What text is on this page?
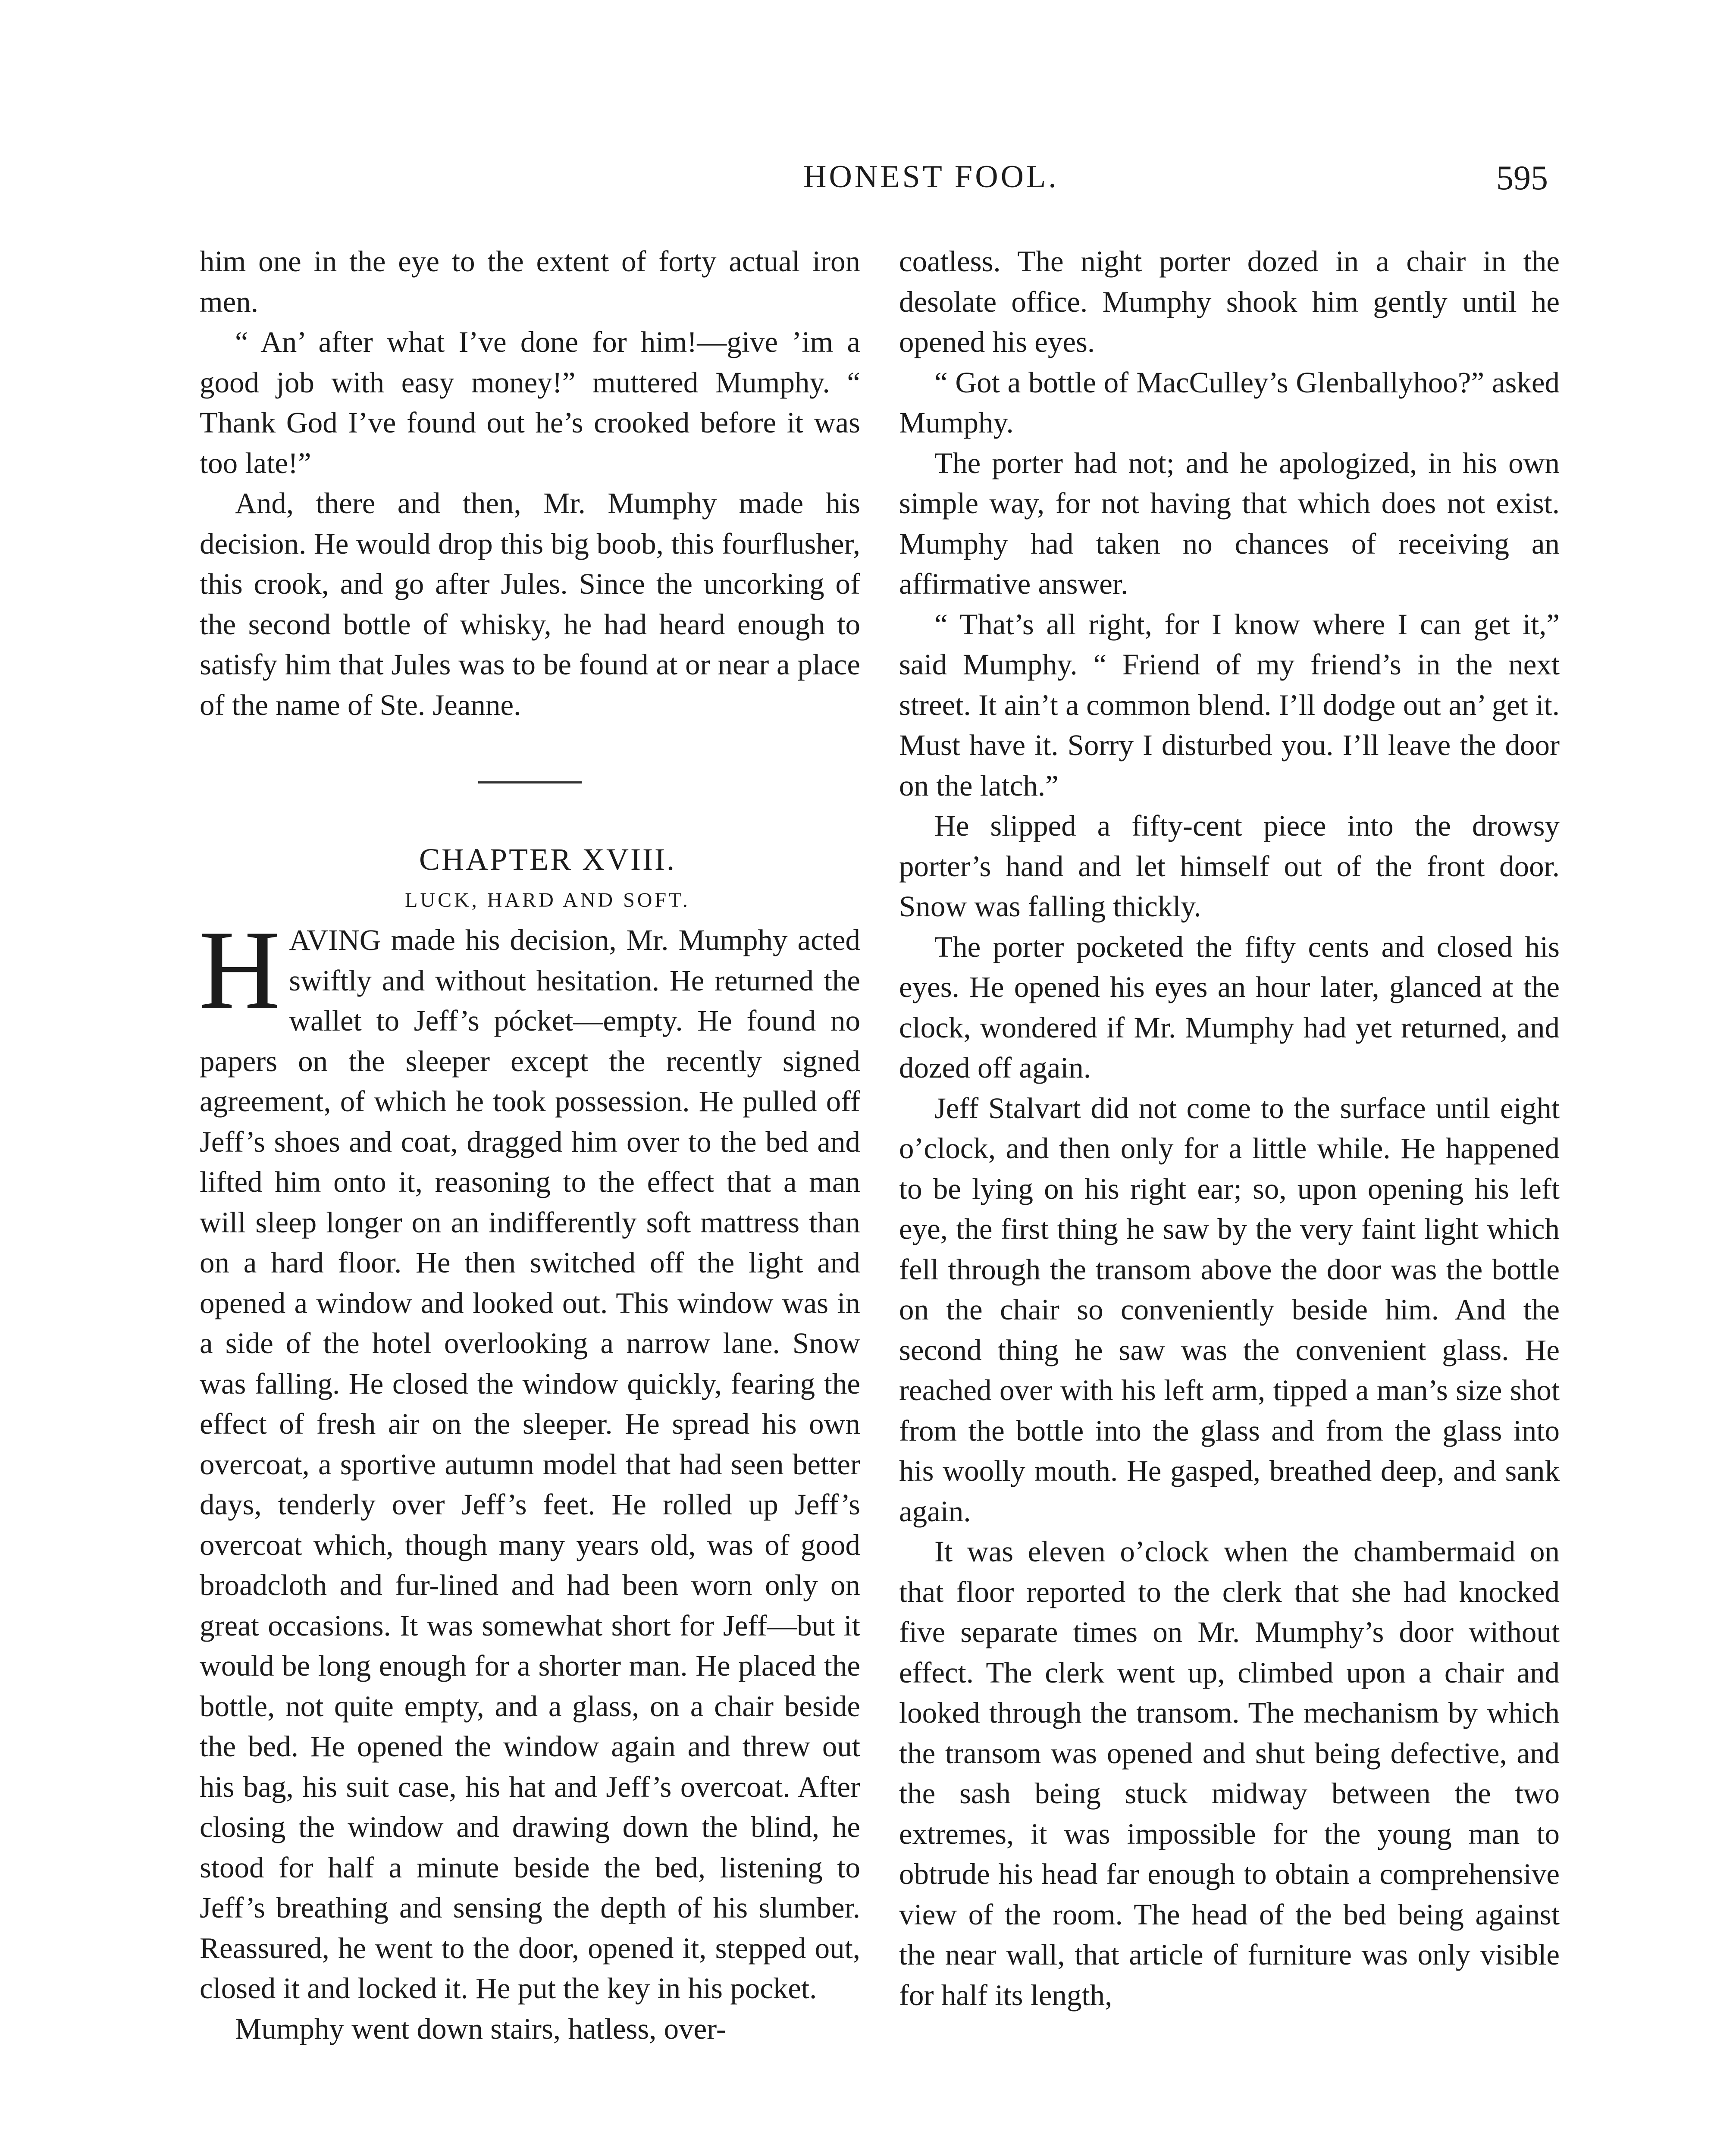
HONEST FOOL.	595

him one in the eye to the extent of forty actual iron men.

“ An’ after what I’ve done for him!—give ’im a good job with easy money!” muttered Mumphy. “ Thank God I’ve found out he’s crooked before it was too late!”

And, there and then, Mr. Mumphy made his decision. He would drop this big boob, this fourflusher, this crook, and go after Jules. Since the uncorking of the second bottle of whisky, he had heard enough to satisfy him that Jules was to be found at or near a place of the name of Ste. Jeanne.

CHAPTER XVIII.

LUCK, HARD AND SOFT.

HAVING made his decision, Mr. Mumphy acted swiftly and without hesitation. He returned the wallet to Jeff’s pócket—empty. He found no papers on the sleeper except the recently signed agreement, of which he took possession. He pulled off Jeff’s shoes and coat, dragged him over to the bed and lifted him onto it, reasoning to the effect that a man will sleep longer on an indifferently soft mattress than on a hard floor. He then switched off the light and opened a window and looked out. This window was in a side of the hotel overlooking a narrow lane. Snow was falling. He closed the window quickly, fearing the effect of fresh air on the sleeper. He spread his own overcoat, a sportive autumn model that had seen better days, tenderly over Jeff’s feet. He rolled up Jeff’s overcoat which, though many years old, was of good broadcloth and fur-lined and had been worn only on great occasions. It was somewhat short for Jeff—but it would be long enough for a shorter man. He placed the bottle, not quite empty, and a glass, on a chair beside the bed. He opened the window again and threw out his bag, his suit case, his hat and Jeff’s overcoat. After closing the window and drawing down the blind, he stood for half a minute beside the bed, listening to Jeff’s breathing and sensing the depth of his slumber. Reassured, he went to the door, opened it, stepped out, closed it and locked it. He put the key in his pocket.

Mumphy went down stairs, hatless, over-

coatless. The night porter dozed in a chair in the desolate office. Mumphy shook him gently until he opened his eyes.

“ Got a bottle of MacCulley’s Glenballyhoo?” asked Mumphy.

The porter had not; and he apologized, in his own simple way, for not having that which does not exist. Mumphy had taken no chances of receiving an affirmative answer.

“ That’s all right, for I know where I can get it,” said Mumphy. “ Friend of my friend’s in the next street. It ain’t a common blend. I’ll dodge out an’ get it. Must have it. Sorry I disturbed you. I’ll leave the door on the latch.”

He slipped a fifty-cent piece into the drowsy porter’s hand and let himself out of the front door. Snow was falling thickly.

The porter pocketed the fifty cents and closed his eyes. He opened his eyes an hour later, glanced at the clock, wondered if Mr. Mumphy had yet returned, and dozed off again.

Jeff Stalvart did not come to the surface until eight o’clock, and then only for a little while. He happened to be lying on his right ear; so, upon opening his left eye, the first thing he saw by the very faint light which fell through the transom above the door was the bottle on the chair so conveniently beside him. And the second thing he saw was the convenient glass. He reached over with his left arm, tipped a man’s size shot from the bottle into the glass and from the glass into his woolly mouth. He gasped, breathed deep, and sank again.

It was eleven o’clock when the chambermaid on that floor reported to the clerk that she had knocked five separate times on Mr. Mumphy’s door without effect. The clerk went up, climbed upon a chair and looked through the transom. The mechanism by which the transom was opened and shut being defective, and the sash being stuck midway between the two extremes, it was impossible for the young man to obtrude his head far enough to obtain a comprehensive view of the room. The head of the bed being against the near wall, that article of furniture was only visible for half its length,
